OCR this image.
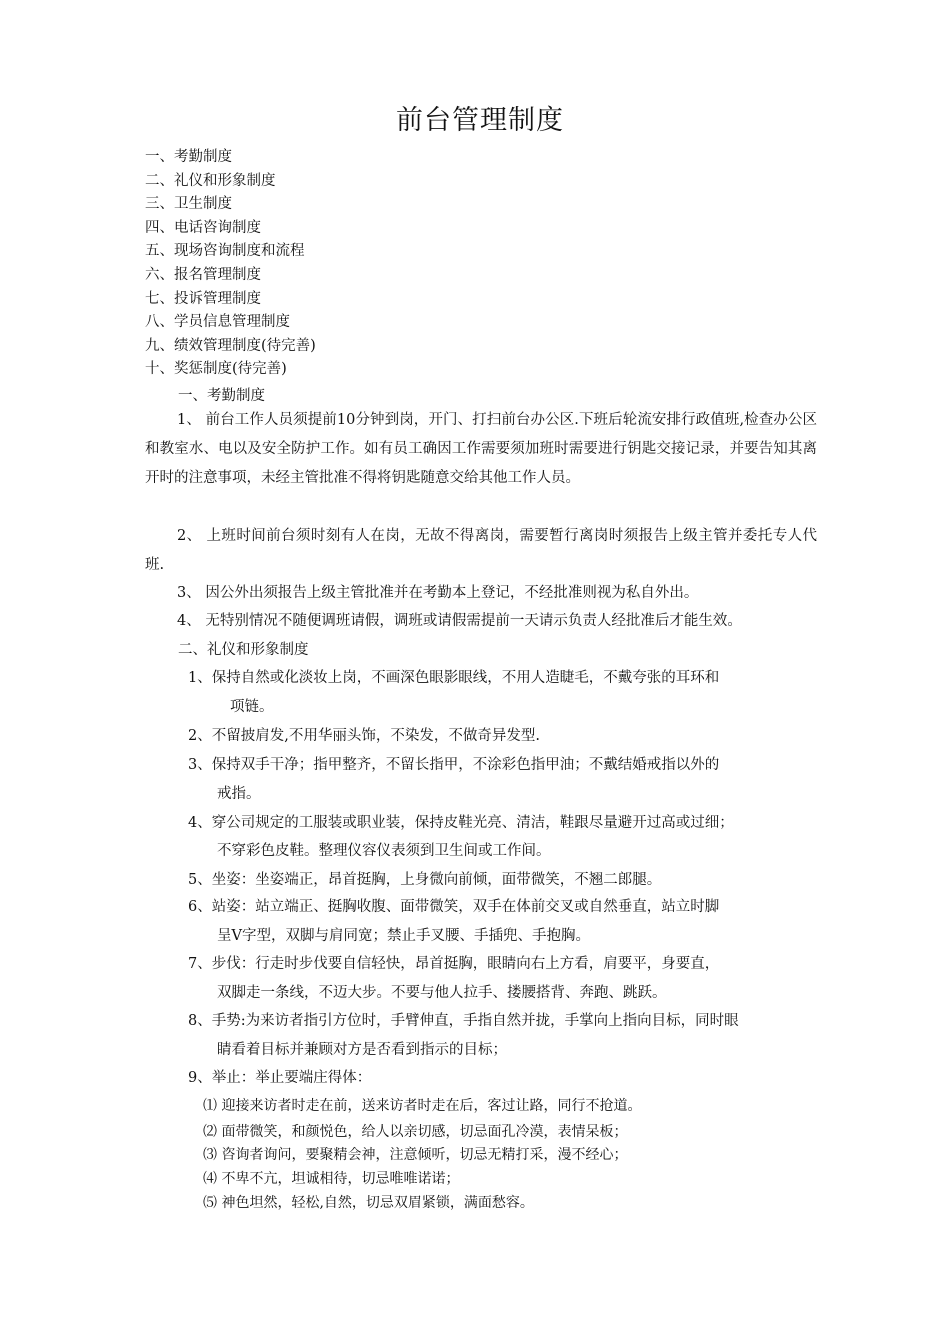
前台管理制度
一、考勤制度
二、礼仪和形象制度
三、卫生制度
四、电话咨询制度
五、现场咨询制度和流程
六、报名管理制度
七、投诉管理制度
八、学员信息管理制度
九、绩效管理制度(待完善)
十、奖惩制度(待完善)
一、考勤制度
1、 前台工作人员须提前10分钟到岗，开门、打扫前台办公区.下班后轮流安排行政值班,检查办公区和教室水、电以及安全防护工作。如有员工确因工作需要须加班时需要进行钥匙交接记录，并要告知其离开时的注意事项，未经主管批准不得将钥匙随意交给其他工作人员。
2、 上班时间前台须时刻有人在岗，无故不得离岗，需要暂行离岗时须报告上级主管并委托专人代班.
3、 因公外出须报告上级主管批准并在考勤本上登记，不经批准则视为私自外出。
4、 无特别情况不随便调班请假，调班或请假需提前一天请示负责人经批准后才能生效。
二、礼仪和形象制度
1、保持自然或化淡妆上岗，不画深色眼影眼线，不用人造睫毛，不戴夸张的耳环和
项链。
2、不留披肩发,不用华丽头饰，不染发，不做奇异发型.
3、保持双手干净；指甲整齐，不留长指甲，不涂彩色指甲油；不戴结婚戒指以外的
戒指。
4、穿公司规定的工服装或职业装，保持皮鞋光亮、清洁，鞋跟尽量避开过高或过细；
不穿彩色皮鞋。整理仪容仪表须到卫生间或工作间。
5、坐姿：坐姿端正，昂首挺胸，上身微向前倾，面带微笑，不翘二郎腿。
6、站姿：站立端正、挺胸收腹、面带微笑，双手在体前交叉或自然垂直，站立时脚
呈V字型，双脚与肩同宽；禁止手叉腰、手插兜、手抱胸。
7、步伐：行走时步伐要自信轻快，昂首挺胸，眼睛向右上方看，肩要平，身要直，
双脚走一条线，不迈大步。不要与他人拉手、搂腰搭背、奔跑、跳跃。
8、手势:为来访者指引方位时，手臂伸直，手指自然并拢，手掌向上指向目标，同时眼
睛看着目标并兼顾对方是否看到指示的目标；
9、举止：举止要端庄得体：
⑴ 迎接来访者时走在前，送来访者时走在后，客过让路，同行不抢道。
⑵ 面带微笑，和颜悦色，给人以亲切感，切忌面孔冷漠，表情呆板；
⑶ 咨询者询问，要聚精会神，注意倾听，切忌无精打采，漫不经心；
⑷ 不卑不亢，坦诚相待，切忌唯唯诺诺；
⑸ 神色坦然，轻松,自然，切忌双眉紧锁，满面愁容。
